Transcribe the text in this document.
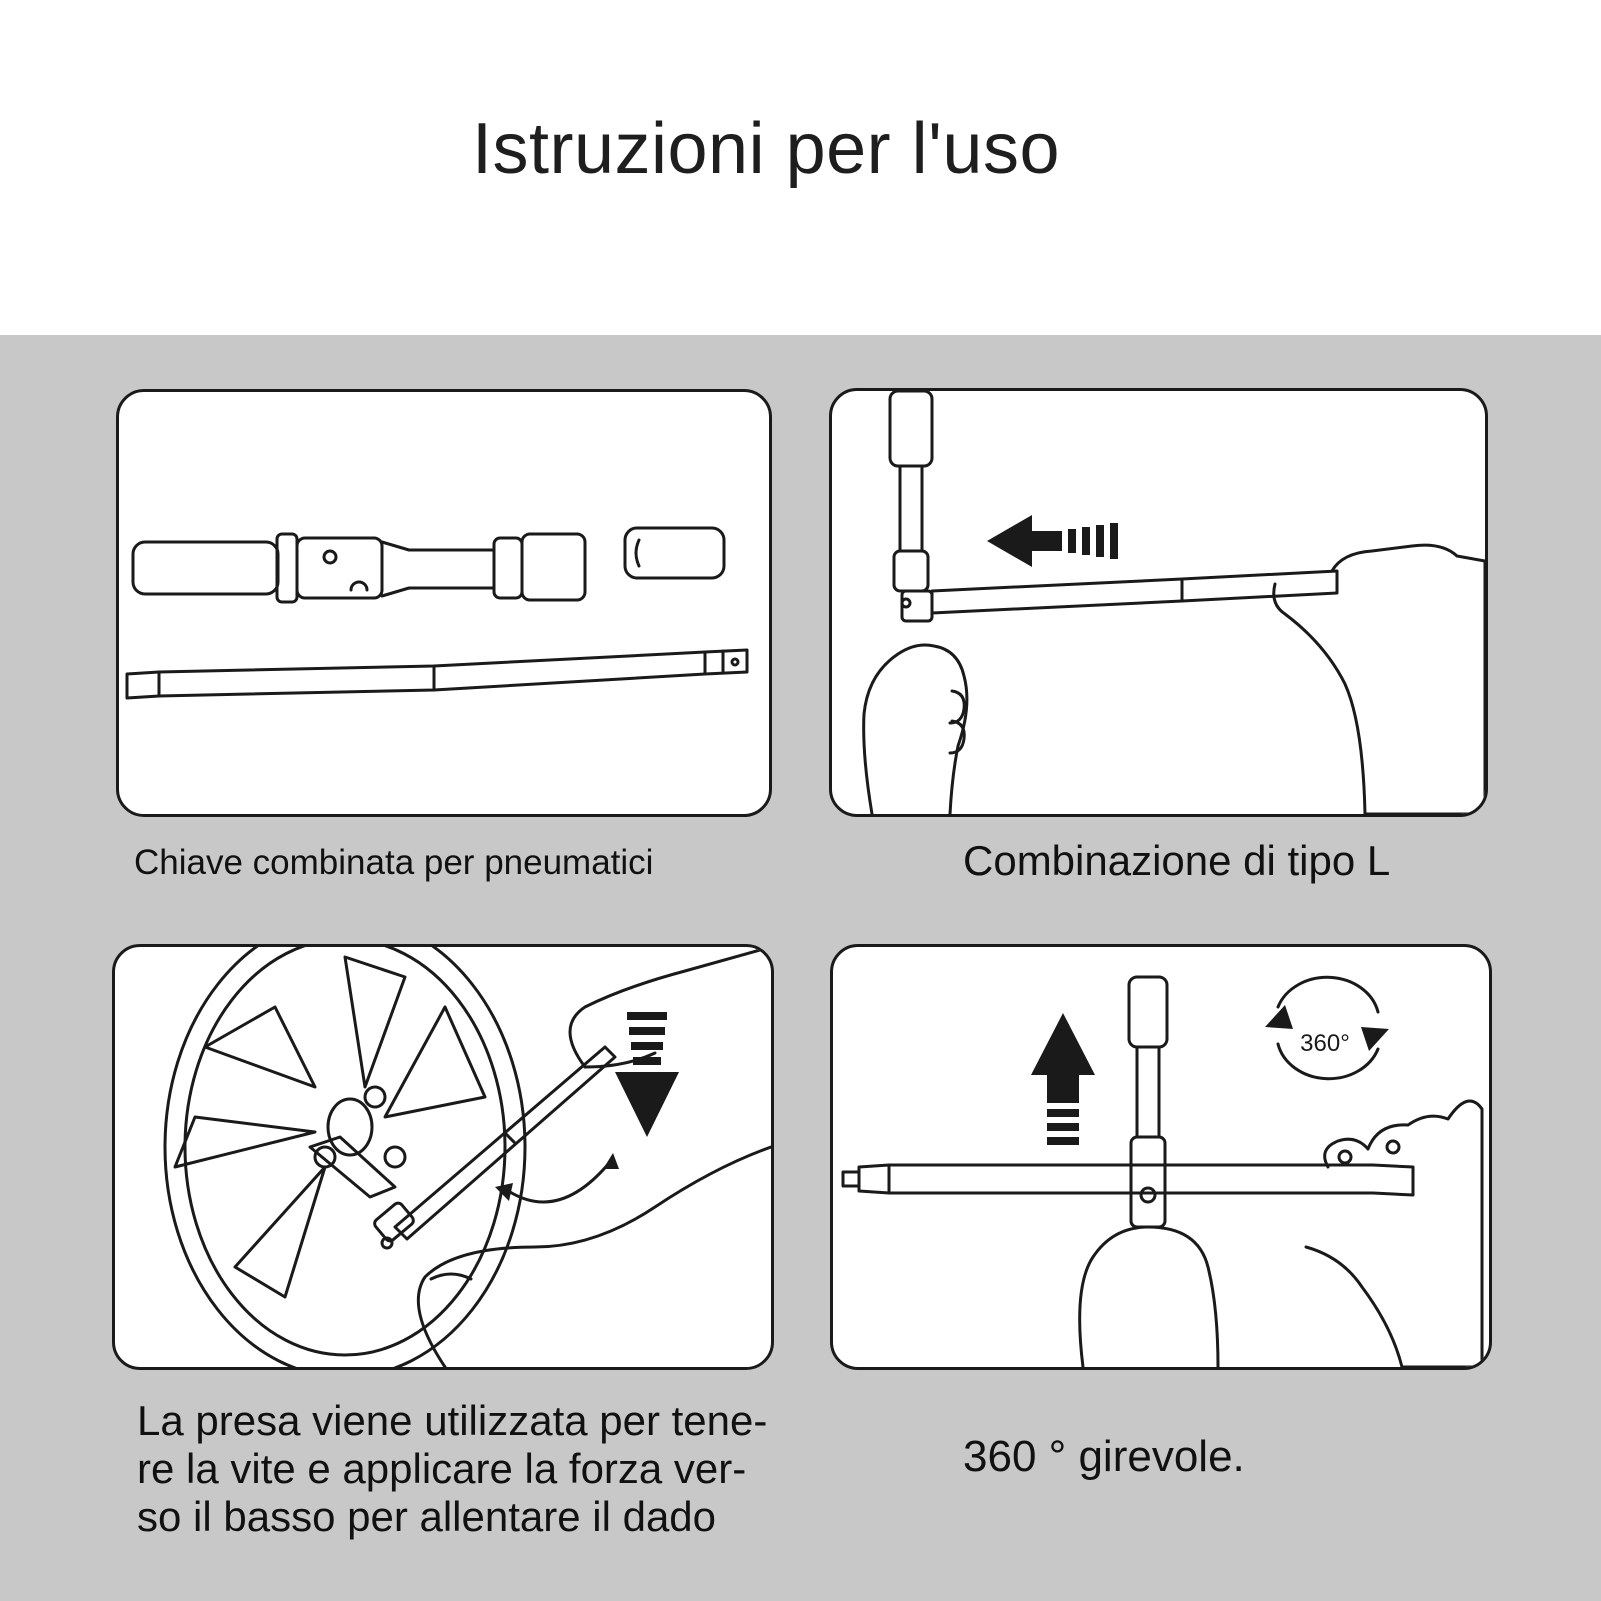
Istruzioni per l'uso
360°
Chiave combinata per pneumatici	Combinazione di tipo L
La presa viene utilizzata per tene-
re la vite e applicare la forza ver-
so il basso per allentare il dado
360 ° girevole.
